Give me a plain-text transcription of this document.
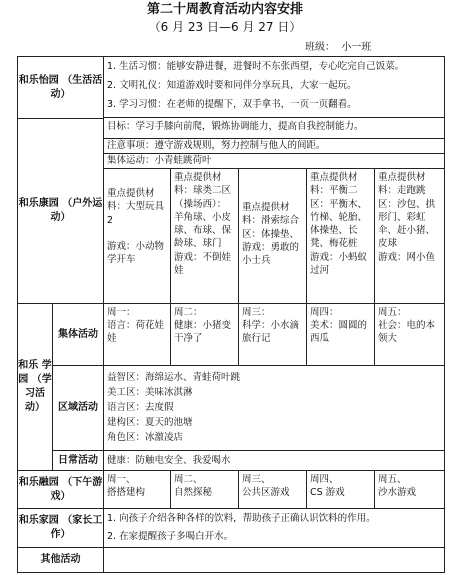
第二十周教育活动内容安排
（6 月 23 日—6 月 27 日）
班级：  小一班
和乐怡园 （生活活动）
1. 生活习惯：能够安静进餐，进餐时不东张西望，专心吃完自己饭菜。
2. 文明礼仪：知道游戏时要和同伴分享玩具，大家一起玩。
3. 学习习惯：在老师的提醒下，双手拿书，一页一页翻看。
和乐康园 （户外运动）
目标：学习手膝向前爬，锻炼协调能力，提高自我控制能力。
注意事项：遵守游戏规则，努力控制与他人的间距。
集体运动：小青蛙跳荷叶
重点提供材料：大型玩具2

游戏：小动物学开车
重点提供材料：球类二区（操场西）：羊角球、小皮球、布球、保龄球、球门
游戏：不倒娃娃
重点提供材料：滑索综合区：体操垫、游戏：勇敢的小士兵
重点提供材料：平衡二区：平衡木、竹梯、轮胎、体操垫、长凳、梅花桩
游戏：小蚂蚁过河
重点提供材料：走跑跳区：沙包、拱形门、彩虹伞、赶小猪、皮球
游戏：网小鱼
和乐 学园 （学 习活 动）
集体活动
周一：
语言：荷花娃娃
周二：
健康：小猪变干净了
周三：
科学：小水滴旅行记
周四：
美术：圆圆的西瓜
周五：
社会：电的本领大
区域活动
益智区：海绵运水、青蛙荷叶跳
美工区：美味冰淇淋
语言区：去度假
建构区：夏天的池塘
角色区：冰激凌店
日常活动 健康：防触电安全、我爱喝水
和乐融园 （下午游戏）
周一、
搭搭建构
周二、
自然探秘
周三、
公共区游戏
周四、
CS 游戏
周五、
沙水游戏
和乐家园 （家长工作）
1. 向孩子介绍各种各样的饮料，帮助孩子正确认识饮料的作用。
2. 在家提醒孩子多喝白开水。
其他活动
